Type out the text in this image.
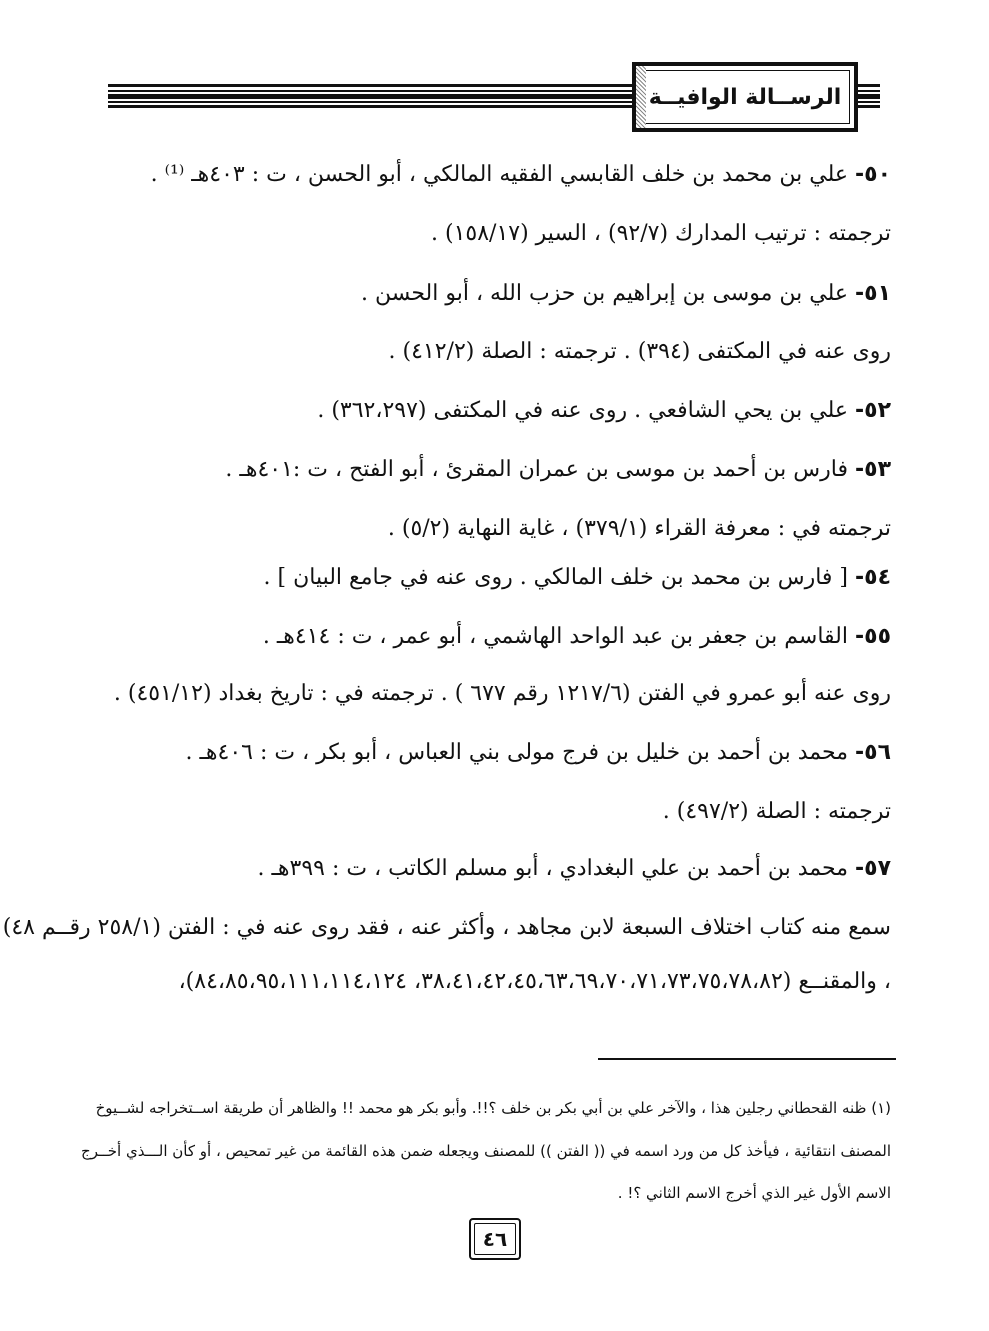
الرســالة الوافيــة
٥٠- علي بن محمد بن خلف القابسي الفقيه المالكي ، أبو الحسن ، ت : ٤٠٣هـ ⁽¹⁾ .
ترجمته : ترتيب المدارك (٩٢/٧) ، السير (١٥٨/١٧) .
٥١- علي بن موسى بن إبراهيم بن حزب الله ، أبو الحسن .
روى عنه في المكتفى (٣٩٤) . ترجمته : الصلة (٤١٢/٢) .
٥٢- علي بن يحي الشافعي . روى عنه في المكتفى (٣٦٢،٢٩٧) .
٥٣- فارس بن أحمد بن موسى بن عمران المقرئ ، أبو الفتح ، ت :٤٠١هـ .
ترجمته في : معرفة القراء (٣٧٩/١) ، غاية النهاية (٥/٢) .
٥٤- [ فارس بن محمد بن خلف المالكي . روى عنه في جامع البيان ] .
٥٥- القاسم بن جعفر بن عبد الواحد الهاشمي ، أبو عمر ، ت : ٤١٤هـ .
روى عنه أبو عمرو في الفتن (١٢١٧/٦ رقم ٦٧٧ ) . ترجمته في : تاريخ بغداد (٤٥١/١٢) .
٥٦- محمد بن أحمد بن خليل بن فرج مولى بني العباس ، أبو بكر ، ت : ٤٠٦هـ .
ترجمته : الصلة (٤٩٧/٢) .
٥٧- محمد بن أحمد بن علي البغدادي ، أبو مسلم الكاتب ، ت : ٣٩٩هـ .
سمع منه كتاب اختلاف السبعة لابن مجاهد ، وأكثر عنه ، فقد روى عنه في : الفتن (٢٥٨/١ رقــم ٤٨)
، والمقنــع (٣٨،٤١،٤٢،٤٥،٦٣،٦٩،٧٠،٧١،٧٣،٧٥،٧٨،٨٢، ٨٤،٨٥،٩٥،١١١،١١٤،١٢٤)،
(١) ظنه القحطاني رجلين هذا ، والآخر علي بن أبي بكر بن خلف ؟!!. وأبو بكر هو محمد !! والظاهر أن طريقة اســتخراجه لشــيوخ
المصنف انتقائية ، فيأخذ كل من ورد اسمه في (( الفتن )) للمصنف ويجعله ضمن هذه القائمة من غير تمحيص ، أو كأن الـــذي أخــرج
الاسم الأول غير الذي أخرج الاسم الثاني ؟! .
٤٦
